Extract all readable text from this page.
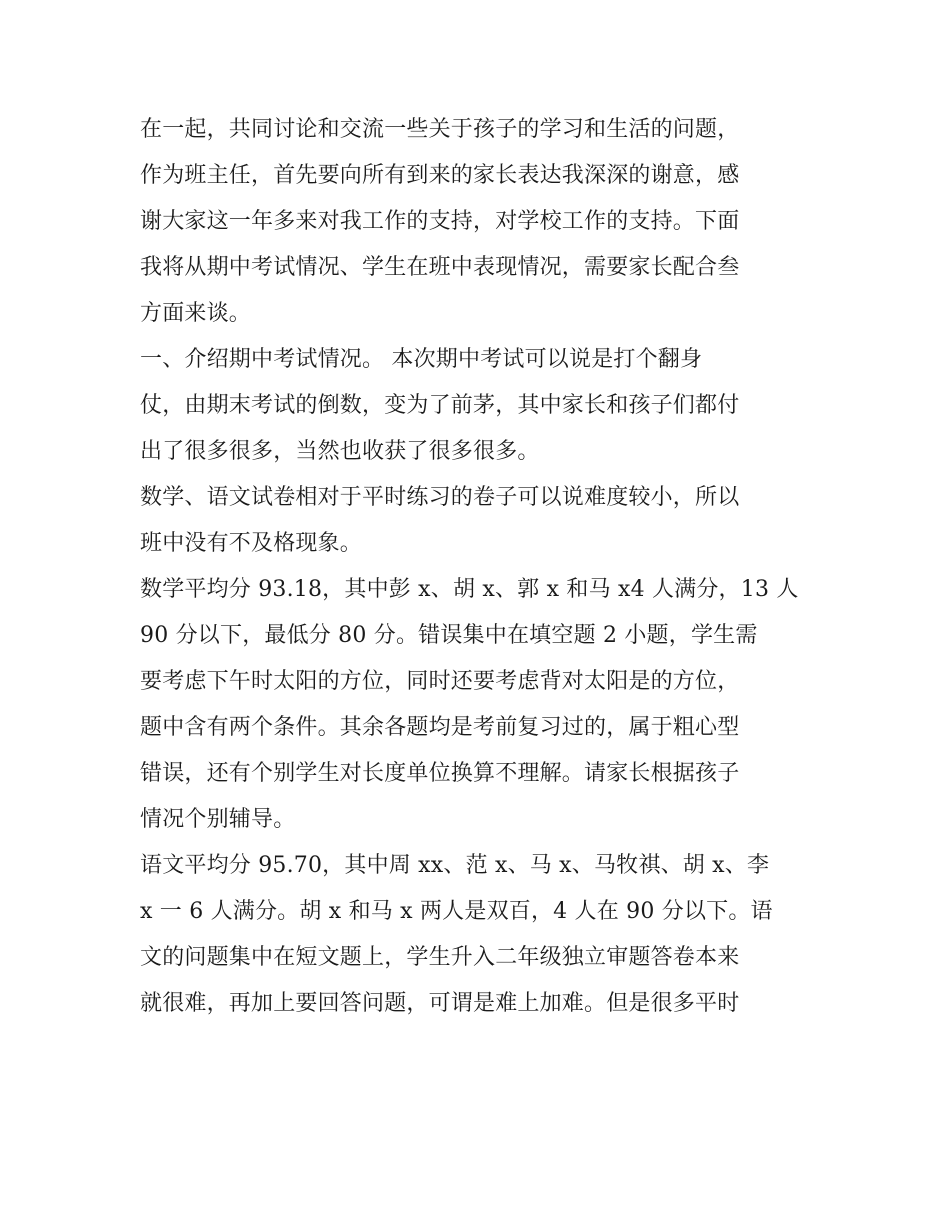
在一起，共同讨论和交流一些关于孩子的学习和生活的问题，
作为班主任，首先要向所有到来的家长表达我深深的谢意，感
谢大家这一年多来对我工作的支持，对学校工作的支持。下面
我将从期中考试情况、学生在班中表现情况，需要家长配合叁
方面来谈。
一、介绍期中考试情况。 本次期中考试可以说是打个翻身
仗，由期末考试的倒数，变为了前茅，其中家长和孩子们都付
出了很多很多，当然也收获了很多很多。
数学、语文试卷相对于平时练习的卷子可以说难度较小，所以
班中没有不及格现象。
数学平均分 93.18，其中彭 x、胡 x、郭 x 和马 x4 人满分，13 人
90 分以下，最低分 80 分。错误集中在填空题 2 小题，学生需
要考虑下午时太阳的方位，同时还要考虑背对太阳是的方位，
题中含有两个条件。其余各题均是考前复习过的，属于粗心型
错误，还有个别学生对长度单位换算不理解。请家长根据孩子
情况个别辅导。
语文平均分 95.70，其中周 xx、范 x、马 x、马牧祺、胡 x、李
x 一 6 人满分。胡 x 和马 x 两人是双百，4 人在 90 分以下。语
文的问题集中在短文题上，学生升入二年级独立审题答卷本来
就很难，再加上要回答问题，可谓是难上加难。但是很多平时
